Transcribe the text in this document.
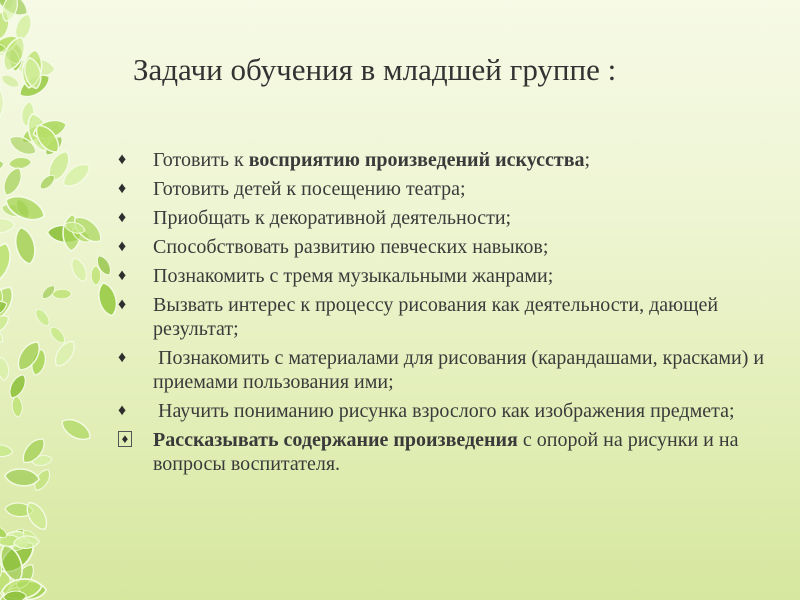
Задачи обучения в младшей группе :
♦ Готовить к восприятию произведений искусства;
♦ Готовить детей к посещению театра;
♦ Приобщать к декоративной деятельности;
♦ Способствовать развитию певческих навыков;
♦ Познакомить с тремя музыкальными жанрами;
♦ Вызвать интерес к процессу рисования как деятельности, дающей результат;
♦ Познакомить с материалами для рисования (карандашами, красками) и приемами пользования ими;
♦ Научить пониманию рисунка взрослого как изображения предмета;
♦ Рассказывать содержание произведения с опорой на рисунки и на вопросы воспитателя.
